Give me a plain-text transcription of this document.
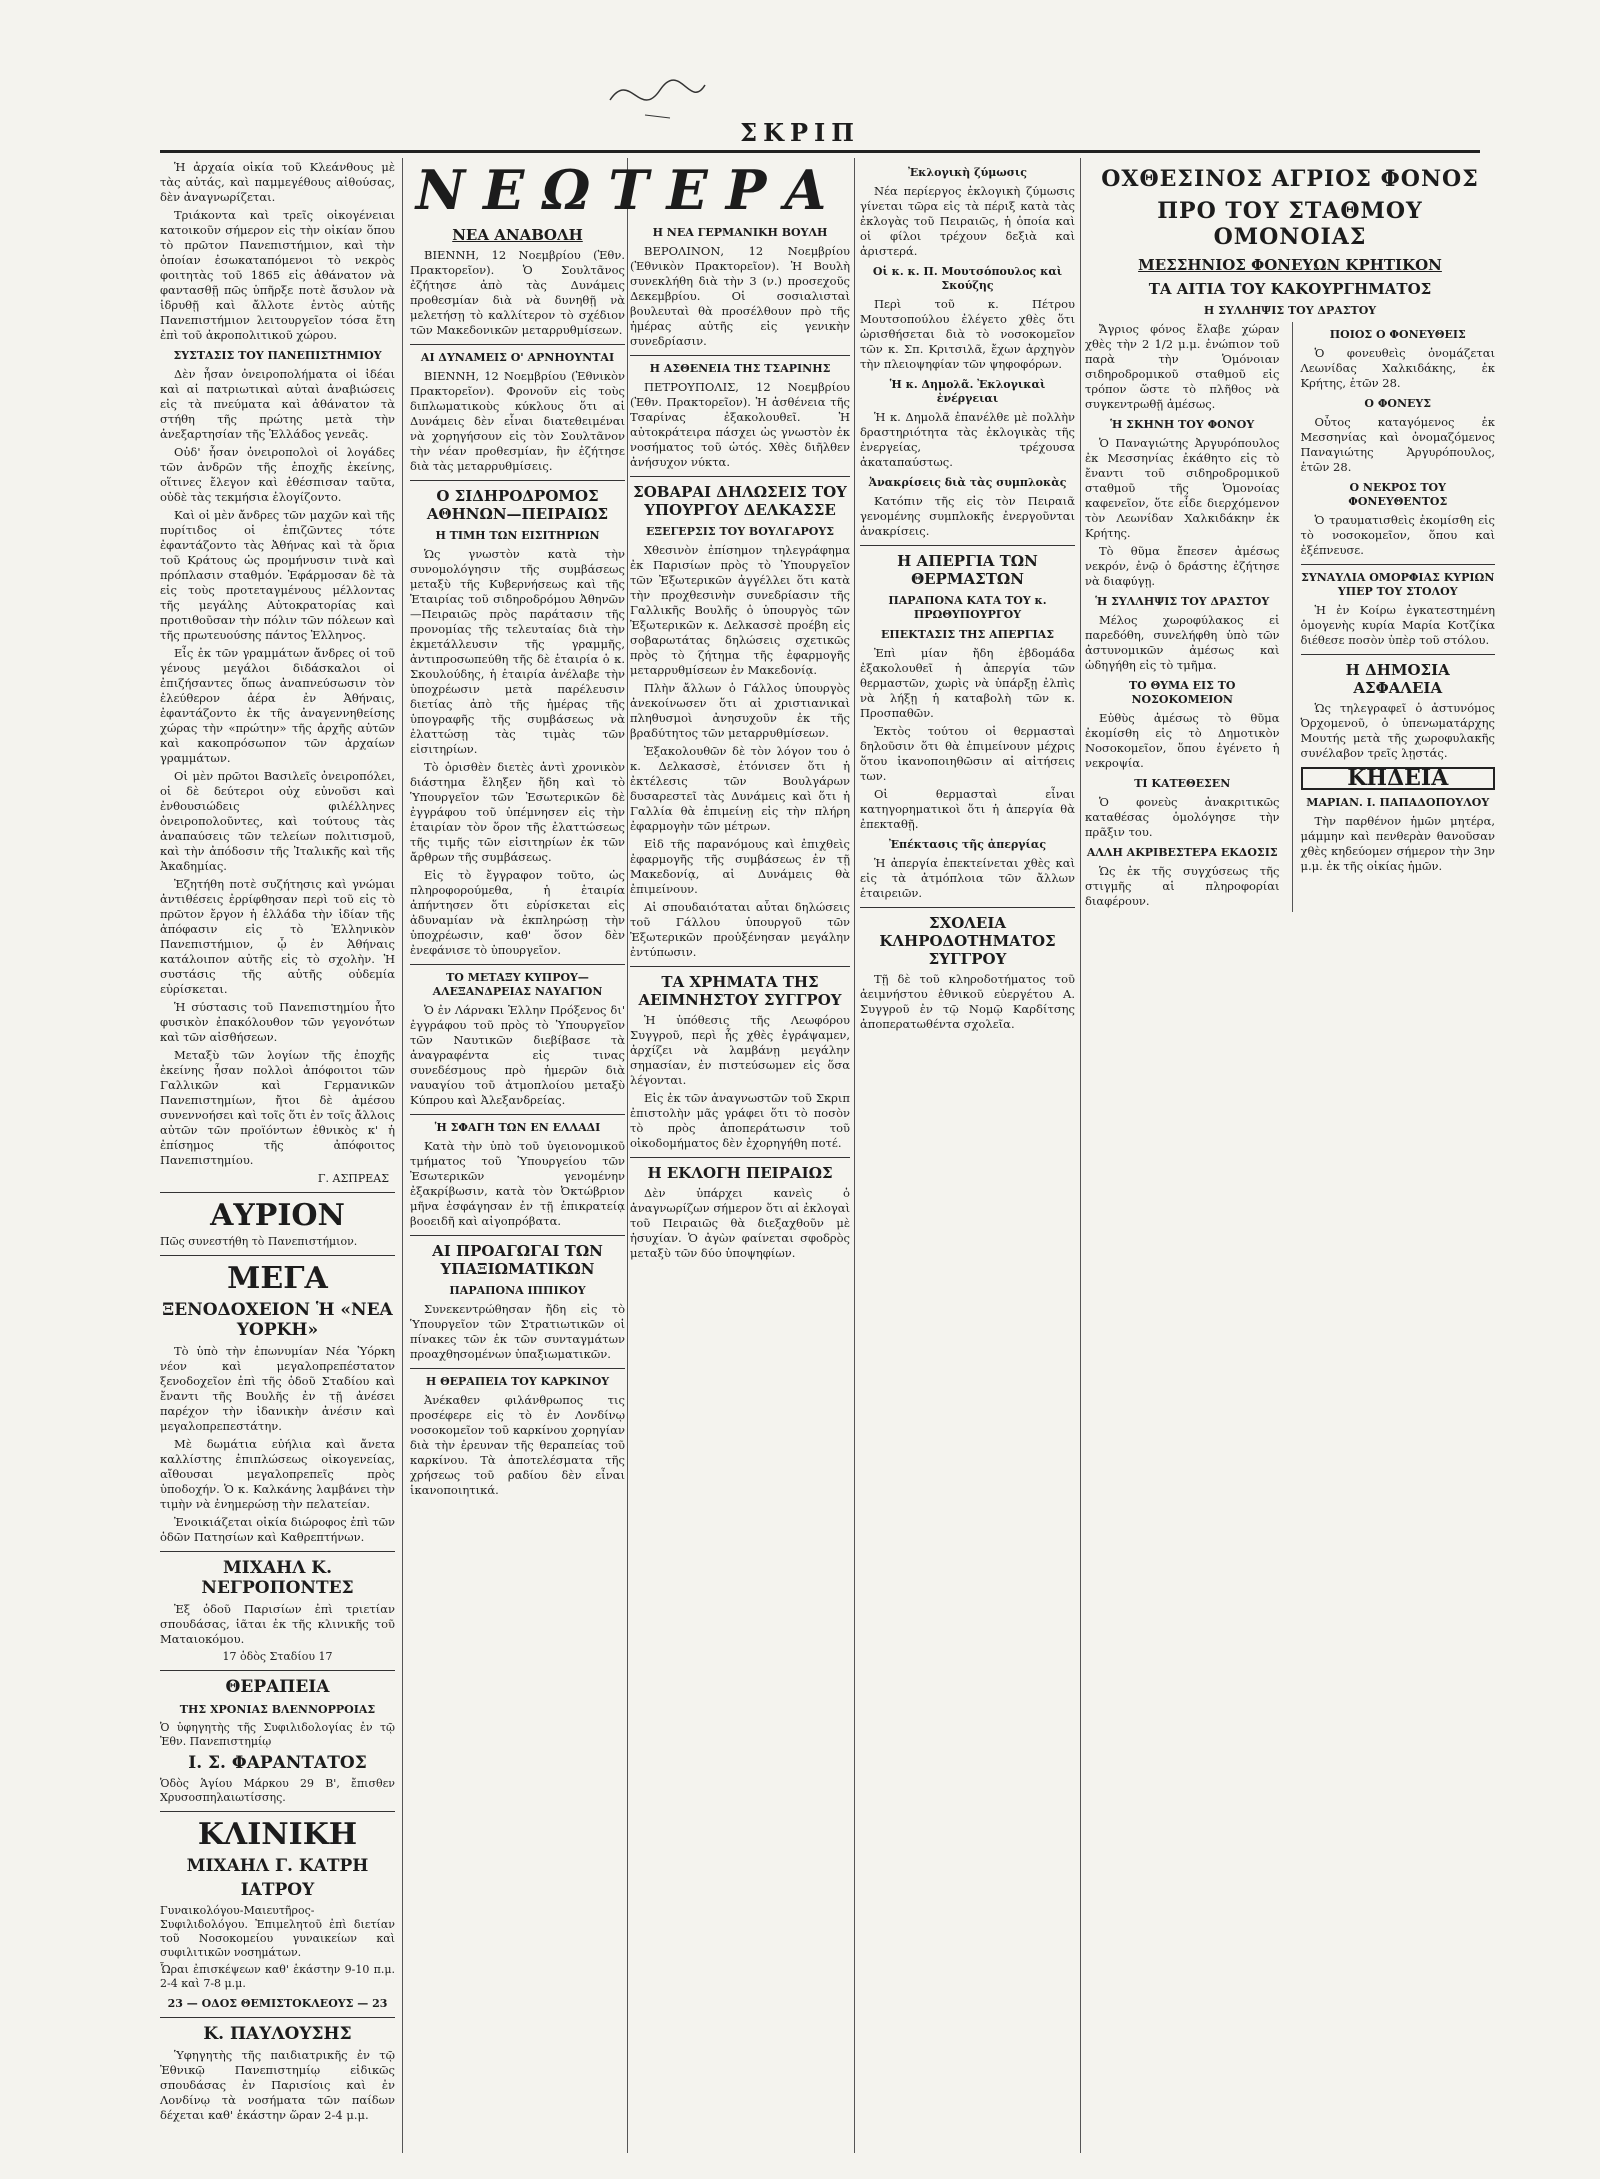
ΣΚΡΙΠ

Ἡ ἀρχαία οἰκία τοῦ Κλεάνθους μὲ τὰς αὐτάς, καὶ παμμεγέθους αἰθούσας, δὲν ἀναγνωρίζεται.

Τριάκοντα καὶ τρεῖς οἰκογένειαι κατοικοῦν σήμερον εἰς τὴν οἰκίαν ὅπου τὸ πρῶτον Πανεπιστήμιον, καὶ τὴν ὁποίαν ἐσωκαταπόμενοι τὸ νεκρὸς φοιτητὰς τοῦ 1865 εἰς ἀθάνατον νὰ φαντασθῇ πῶς ὑπῆρξε ποτὲ ἄσυλον νὰ ἱδρυθῇ καὶ ἄλλοτε ἐντὸς αὐτῆς Πανεπιστήμιον λειτουργεῖον τόσα ἔτη ἐπὶ τοῦ ἀκροπολιτικοῦ χώρου.

ΣΥΣΤΑΣΙΣ ΤΟΥ ΠΑΝΕΠΙΣΤΗΜΙΟΥ

Δὲν ἦσαν ὀνειροπολήματα οἱ ἰδέαι καὶ αἱ πατριωτικαὶ αὐταὶ ἀναβιώσεις εἰς τὰ πνεύματα καὶ ἀθάνατον τὰ στήθη τῆς πρώτης μετὰ τὴν ἀνεξαρτησίαν τῆς Ἑλλάδος γενεᾶς.

Οὐδ' ἦσαν ὀνειροπολοὶ οἱ λογάδες τῶν ἀνδρῶν τῆς ἐποχῆς ἐκείνης, οἵτινες ἔλεγον καὶ ἐθέσπισαν ταῦτα, οὐδὲ τὰς τεκμήσια ἐλογίζοντο.

Καὶ οἱ μὲν ἄνδρες τῶν μαχῶν καὶ τῆς πυρίτιδος οἱ ἐπιζῶντες τότε ἐφαντάζοντο τὰς Ἀθήνας καὶ τὰ ὅρια τοῦ Κράτους ὡς προμήνυσιν τινὰ καὶ πρόπλασιν σταθμόν. Ἐφάρμοσαν δὲ τὰ εἰς τοὺς προτεταγμένους μέλλοντας τῆς μεγάλης Αὐτοκρατορίας καὶ προτιθοῦσαν τὴν πόλιν τῶν πόλεων καὶ τῆς πρωτευούσης πάντος Ἑλληνος.

Εἷς ἐκ τῶν γραμμάτων ἄνδρες οἱ τοῦ γένους μεγάλοι διδάσκαλοι οἱ ἐπιζήσαντες ὅπως ἀναπνεύσωσιν τὸν ἐλεύθερον ἀέρα ἐν Ἀθήναις, ἐφαντάζοντο ἐκ τῆς ἀναγεννηθείσης χώρας τὴν «πρώτην» τῆς ἀρχῆς αὐτῶν καὶ κακοπρόσωπον τῶν ἀρχαίων γραμμάτων.

Οἱ μὲν πρῶτοι Βασιλεῖς ὀνειροπόλει, οἱ δὲ δεύτεροι οὐχ εὐνοῦσι καὶ ἐνθουσιώδεις φιλέλληνες ὀνειροπολοῦντες, καὶ τούτους τὰς ἀναπαύσεις τῶν τελείων πολιτισμοῦ, καὶ τὴν ἀπόδοσιν τῆς Ἰταλικῆς καὶ τῆς Ἀκαδημίας.

Ἐζητήθη ποτὲ συζήτησις καὶ γνώμαι ἀντιθέσεις ἐρρίφθησαν περὶ τοῦ εἰς τὸ πρῶτον ἔργον ἡ ἑλλάδα τὴν ἰδίαν τῆς ἀπόφασιν εἰς τὸ Ἑλληνικὸν Πανεπιστήμιον, ᾧ ἐν Ἀθήναις κατάλοιπον αὐτῆς εἰς τὸ σχολὴν. Ἡ συστάσις τῆς αὐτῆς οὐδεμία εὑρίσκεται.

Ἡ σύστασις τοῦ Πανεπιστημίου ἦτο φυσικὸν ἐπακόλουθον τῶν γεγονότων καὶ τῶν αἰσθήσεων.

Μεταξὺ τῶν λογίων τῆς ἐποχῆς ἐκείνης ἦσαν πολλοὶ ἀπόφοιτοι τῶν Γαλλικῶν καὶ Γερμανικῶν Πανεπιστημίων, ἤτοι δὲ ἀμέσου συνεννοήσει καὶ τοῖς ὅτι ἐν τοῖς ἄλλοις αὐτῶν τῶν προϊόντων ἐθνικὸς κ' ἡ ἐπίσημος τῆς ἀπόφοιτος Πανεπιστημίου.

Γ. ΑΣΠΡΕΑΣ
ΑΥΡΙΟΝ

Πῶς συνεστήθη τὸ Πανεπιστήμιον.

ΜΕΓΑ
ΞΕΝΟΔΟΧΕΙΟΝ Ἡ «ΝΕΑ ΥΟΡΚΗ»

Τὸ ὑπὸ τὴν ἐπωνυμίαν Νέα Ὑόρκη νέον καὶ μεγαλοπρεπέστατον ξενοδοχεῖον ἐπὶ τῆς ὁδοῦ Σταδίου καὶ ἔναντι τῆς Βουλῆς ἐν τῇ ἀνέσει παρέχον τὴν ἰδανικὴν ἀνέσιν καὶ μεγαλοπρεπεστάτην.

Μὲ δωμάτια εὐήλια καὶ ἄνετα καλλίστης ἐπιπλώσεως οἰκογενείας, αἴθουσαι μεγαλοπρεπεῖς πρὸς ὑποδοχήν. Ὁ κ. Καλκάνης λαμβάνει τὴν τιμὴν νὰ ἐνημερώσῃ τὴν πελατείαν.

Ἐνοικιάζεται οἰκία διώροφος ἐπὶ τῶν ὁδῶν Πατησίων καὶ Καθρεπτήνων.

ΜΙΧΑΗΛ Κ. ΝΕΓΡΟΠΟΝΤΕΣ

Ἐξ ὁδοῦ Παρισίων ἐπὶ τριετίαν σπουδάσας, ἰᾶται ἐκ τῆς κλινικῆς τοῦ Ματαιοκόμου.

17 ὁδὸς Σταδίου 17
ΘΕΡΑΠΕΙΑ
ΤΗΣ ΧΡΟΝΙΑΣ ΒΛΕΝΝΟΡΡΟΙΑΣ

Ὁ ὑφηγητὴς τῆς Συφιλιδολογίας ἐν τῷ Ἐθν. Πανεπιστημίῳ

Ι. Σ. ΦΑΡΑΝΤΑΤΟΣ

Ὁδὸς Ἁγίου Μάρκου 29 Β', ἔπισθεν Χρυσοσπηλαιωτίσσης.

ΚΛΙΝΙΚΗ
ΜΙΧΑΗΛ Γ. ΚΑΤΡΗ
ΙΑΤΡΟΥ

Γυναικολόγου-Μαιευτῆρος-Συφιλιδολόγου. Ἐπιμελητοῦ ἐπὶ διετίαν τοῦ Νοσοκομείου γυναικείων καὶ συφιλιτικῶν νοσημάτων.

Ὧραι ἐπισκέψεων καθ' ἑκάστην 9-10 π.μ. 2-4 καὶ 7-8 μ.μ.

23 — ΟΔΟΣ ΘΕΜΙΣΤΟΚΛΕΟΥΣ — 23
Κ. ΠΑΥΛΟΥΣΗΣ

Ὑφηγητὴς τῆς παιδιατρικῆς ἐν τῷ Ἐθνικῷ Πανεπιστημίῳ εἰδικῶς σπουδάσας ἐν Παρισίοις καὶ ἐν Λονδίνῳ τὰ νοσήματα τῶν παίδων δέχεται καθ' ἑκάστην ὥραν 2-4 μ.μ.

ΝΕΩΤΕΡΑ
ΝΕΑ ΑΝΑΒΟΛΗ

ΒΙΕΝΝΗ, 12 Νοεμβρίου (Ἐθν. Πρακτορεῖον). Ὁ Σουλτᾶνος ἐζήτησε ἀπὸ τὰς Δυνάμεις προθεσμίαν διὰ νὰ δυνηθῇ νὰ μελετήσῃ τὸ καλλίτερον τὸ σχέδιον τῶν Μακεδονικῶν μεταρρυθμίσεων.

ΑΙ ΔΥΝΑΜΕΙΣ Ο' ΑΡΝΗΟΥΝΤΑΙ

ΒΙΕΝΝΗ, 12 Νοεμβρίου (Ἐθνικὸν Πρακτορεῖον). Φρονοῦν εἰς τοὺς διπλωματικοὺς κύκλους ὅτι αἱ Δυνάμεις δὲν εἶναι διατεθειμέναι νὰ χορηγήσουν εἰς τὸν Σουλτᾶνον τὴν νέαν προθεσμίαν, ἣν ἐζήτησε διὰ τὰς μεταρρυθμίσεις.

Ο ΣΙΔΗΡΟΔΡΟΜΟΣ ΑΘΗΝΩΝ—ΠΕΙΡΑΙΩΣ
Η ΤΙΜΗ ΤΩΝ ΕΙΣΙΤΗΡΙΩΝ

Ὡς γνωστὸν κατὰ τὴν συνομολόγησιν τῆς συμβάσεως μεταξὺ τῆς Κυβερνήσεως καὶ τῆς Ἑταιρίας τοῦ σιδηροδρόμου Ἀθηνῶν—Πειραιῶς πρὸς παράτασιν τῆς προνομίας τῆς τελευταίας διὰ τὴν ἐκμετάλλευσιν τῆς γραμμῆς, ἀντιπροσωπεύθη τῆς δὲ ἑταιρία ὁ κ. Σκουλούδης, ἡ ἑταιρία ἀνέλαβε τὴν ὑποχρέωσιν μετὰ παρέλευσιν διετίας ἀπὸ τῆς ἡμέρας τῆς ὑπογραφῆς τῆς συμβάσεως νὰ ἐλαττώσῃ τὰς τιμὰς τῶν εἰσιτηρίων.

Τὸ ὁρισθὲν διετὲς ἀντὶ χρονικὸν διάστημα ἔληξεν ἤδη καὶ τὸ Ὑπουργεῖον τῶν Ἐσωτερικῶν δὲ ἐγγράφου τοῦ ὑπέμνησεν εἰς τὴν ἑταιρίαν τὸν ὅρον τῆς ἐλαττώσεως τῆς τιμῆς τῶν εἰσιτηρίων ἐκ τῶν ἄρθρων τῆς συμβάσεως.

Εἰς τὸ ἔγγραφον τοῦτο, ὡς πληροφορούμεθα, ἡ ἑταιρία ἀπήντησεν ὅτι εὑρίσκεται εἰς ἀδυναμίαν νὰ ἐκπληρώσῃ τὴν ὑποχρέωσιν, καθ' ὅσον δὲν ἐνεφάνισε τὸ ὑπουργεῖον.

ΤΟ ΜΕΤΑΞΥ ΚΥΠΡΟΥ—ΑΛΕΞΑΝΔΡΕΙΑΣ ΝΑΥΑΓΙΟΝ

Ὁ ἐν Λάρνακι Ἑλλην Πρόξενος δι' ἐγγράφου τοῦ πρὸς τὸ Ὑπουργεῖον τῶν Ναυτικῶν διεβίβασε τὰ ἀναγραφέντα εἰς τινας συνεδέσμους πρὸ ἡμερῶν διὰ ναυαγίου τοῦ ἀτμοπλοίου μεταξὺ Κύπρου καὶ Ἀλεξανδρείας.

Ἡ ΣΦΑΓΗ ΤΩΝ ΕΝ ΕΛΛΑΔΙ

Κατὰ τὴν ὑπὸ τοῦ ὑγειονομικοῦ τμήματος τοῦ Ὑπουργείου τῶν Ἐσωτερικῶν γενομένην ἐξακρίβωσιν, κατὰ τὸν Ὀκτώβριον μῆνα ἐσφάγησαν ἐν τῇ ἐπικρατείᾳ βοοειδῆ καὶ αἰγοπρόβατα.

ΑΙ ΠΡΟΑΓΩΓΑΙ ΤΩΝ ΥΠΑΞΙΩΜΑΤΙΚΩΝ
ΠΑΡΑΠΟΝΑ ΙΠΠΙΚΟΥ

Συνεκεντρώθησαν ἤδη εἰς τὸ Ὑπουργεῖον τῶν Στρατιωτικῶν οἱ πίνακες τῶν ἐκ τῶν συνταγμάτων προαχθησομένων ὑπαξιωματικῶν.

Η ΘΕΡΑΠΕΙΑ ΤΟΥ ΚΑΡΚΙΝΟΥ

Ἀνέκαθεν φιλάνθρωπος τις προσέφερε εἰς τὸ ἐν Λονδίνῳ νοσοκομεῖον τοῦ καρκίνου χορηγίαν διὰ τὴν ἐρευναν τῆς θεραπείας τοῦ καρκίνου. Τὰ ἀποτελέσματα τῆς χρήσεως τοῦ ραδίου δὲν εἶναι ἱκανοποιητικά.

Η ΝΕΑ ΓΕΡΜΑΝΙΚΗ ΒΟΥΛΗ

ΒΕΡΟΛΙΝΟΝ, 12 Νοεμβρίου (Ἐθνικὸν Πρακτορεῖον). Ἡ Βουλὴ συνεκλήθη διὰ τὴν 3 (ν.) προσεχοῦς Δεκεμβρίου. Οἱ σοσιαλισταὶ βουλευταὶ θὰ προσέλθουν πρὸ τῆς ἡμέρας αὐτῆς εἰς γενικὴν συνεδρίασιν.

Η ΑΣΘΕΝΕΙΑ ΤΗΣ ΤΣΑΡΙΝΗΣ

ΠΕΤΡΟΥΠΟΛΙΣ, 12 Νοεμβρίου (Ἐθν. Πρακτορεῖον). Ἡ ἀσθένεια τῆς Τσαρίνας ἐξακολουθεῖ. Ἡ αὐτοκράτειρα πάσχει ὡς γνωστὸν ἐκ νοσήματος τοῦ ὠτός. Χθὲς διῆλθεν ἀνήσυχον νύκτα.

ΣΟΒΑΡΑΙ ΔΗΛΩΣΕΙΣ ΤΟΥ ΥΠΟΥΡΓΟΥ ΔΕΛΚΑΣΣΕ
ΕΞΕΓΕΡΣΙΣ ΤΟΥ ΒΟΥΛΓΑΡΟΥΣ

Χθεσινὸν ἐπίσημον τηλεγράφημα ἐκ Παρισίων πρὸς τὸ Ὑπουργεῖον τῶν Ἐξωτερικῶν ἀγγέλλει ὅτι κατὰ τὴν προχθεσινὴν συνεδρίασιν τῆς Γαλλικῆς Βουλῆς ὁ ὑπουργὸς τῶν Ἐξωτερικῶν κ. Δελκασσὲ προέβη εἰς σοβαρωτάτας δηλώσεις σχετικῶς πρὸς τὸ ζήτημα τῆς ἐφαρμογῆς μεταρρυθμίσεων ἐν Μακεδονίᾳ.

Πλὴν ἄλλων ὁ Γάλλος ὑπουργὸς ἀνεκοίνωσεν ὅτι αἱ χριστιανικαὶ πληθυσμοὶ ἀνησυχοῦν ἐκ τῆς βραδύτητος τῶν μεταρρυθμίσεων.

Ἐξακολουθῶν δὲ τὸν λόγον του ὁ κ. Δελκασσὲ, ἐτόνισεν ὅτι ἡ ἐκτέλεσις τῶν Βουλγάρων δυσαρεστεῖ τὰς Δυνάμεις καὶ ὅτι ἡ Γαλλία θὰ ἐπιμείνῃ εἰς τὴν πλήρη ἐφαρμογὴν τῶν μέτρων.

Εἰδ τῆς παρανόμους καὶ ἐπιχθεὶς ἐφαρμογῆς τῆς συμβάσεως ἐν τῇ Μακεδονίᾳ, αἱ Δυνάμεις θὰ ἐπιμείνουν.

Αἱ σπουδαιόταται αὗται δηλώσεις τοῦ Γάλλου ὑπουργοῦ τῶν Ἐξωτερικῶν προὐξένησαν μεγάλην ἐντύπωσιν.

ΤΑ ΧΡΗΜΑΤΑ ΤΗΣ ΑΕΙΜΝΗΣΤΟΥ ΣΥΓΓΡΟΥ

Ἡ ὑπόθεσις τῆς Λεωφόρου Συγγροῦ, περὶ ἧς χθὲς ἐγράψαμεν, ἀρχίζει νὰ λαμβάνῃ μεγάλην σημασίαν, ἐν πιστεύσωμεν εἰς ὅσα λέγονται.

Εἰς ἐκ τῶν ἀναγνωστῶν τοῦ Σκριπ ἐπιστολὴν μᾶς γράφει ὅτι τὸ ποσὸν τὸ πρὸς ἀποπεράτωσιν τοῦ οἰκοδομήματος δὲν ἐχορηγήθη ποτέ.

Η ΕΚΛΟΓΗ ΠΕΙΡΑΙΩΣ

Δὲν ὑπάρχει κανεὶς ὁ ἀναγνωρίζων σήμερον ὅτι αἱ ἐκλογαὶ τοῦ Πειραιῶς θὰ διεξαχθοῦν μὲ ἡσυχίαν. Ὁ ἀγὼν φαίνεται σφοδρὸς μεταξὺ τῶν δύο ὑποψηφίων.

Ἐκλογικὴ ζύμωσις

Νέα περίεργος ἐκλογικὴ ζύμωσις γίνεται τῶρα εἰς τὰ πέριξ κατὰ τὰς ἐκλογὰς τοῦ Πειραιῶς, ἡ ὁποία καὶ οἱ φίλοι τρέχουν δεξιὰ καὶ ἀριστερά.

Οἱ κ. κ. Π. Μουτσόπουλος καὶ Σκούζης

Περὶ τοῦ κ. Πέτρου Μουτσοπούλου ἐλέγετο χθὲς ὅτι ὡρισθήσεται διὰ τὸ νοσοκομεῖον τῶν κ. Σπ. Κριτσιλᾶ, ἔχων ἀρχηγὸν τὴν πλειοψηφίαν τῶν ψηφοφόρων.

Ἡ κ. Δημολᾶ. Ἐκλογικαὶ ἐνέργειαι

Ἡ κ. Δημολᾶ ἐπανέλθε μὲ πολλὴν δραστηριότητα τὰς ἐκλογικὰς τῆς ἐνεργείας, τρέχουσα ἀκαταπαύστως.

Ἀνακρίσεις διὰ τὰς συμπλοκὰς

Κατόπιν τῆς εἰς τὸν Πειραιᾶ γενομένης συμπλοκῆς ἐνεργοῦνται ἀνακρίσεις.

Η ΑΠΕΡΓΙΑ ΤΩΝ ΘΕΡΜΑΣΤΩΝ
ΠΑΡΑΠΟΝΑ ΚΑΤΑ ΤΟΥ κ. ΠΡΩΘΥΠΟΥΡΓΟΥ
ΕΠΕΚΤΑΣΙΣ ΤΗΣ ΑΠΕΡΓΙΑΣ

Ἐπὶ μίαν ἤδη ἑβδομάδα ἐξακολουθεῖ ἡ ἀπεργία τῶν θερμαστῶν, χωρὶς νὰ ὑπάρξῃ ἐλπὶς νὰ λήξῃ ἡ καταβολὴ τῶν κ. Προσπαθῶν.

Ἐκτὸς τούτου οἱ θερμασταὶ δηλοῦσιν ὅτι θὰ ἐπιμείνουν μέχρις ὅτου ἱκανοποιηθῶσιν αἱ αἰτήσεις των.

Οἱ θερμασταὶ εἶναι κατηγορηματικοὶ ὅτι ἡ ἀπεργία θὰ ἐπεκταθῇ.

Ἐπέκτασις τῆς ἀπεργίας

Ἡ ἀπεργία ἐπεκτείνεται χθὲς καὶ εἰς τὰ ἀτμόπλοια τῶν ἄλλων ἑταιρειῶν.

ΣΧΟΛΕΙΑ ΚΛΗΡΟΔΟΤΗΜΑΤΟΣ ΣΥΓΓΡΟΥ

Τῇ δὲ τοῦ κληροδοτήματος τοῦ ἀειμνήστου ἐθνικοῦ εὐεργέτου Α. Συγγροῦ ἐν τῷ Νομῷ Καρδίτσης ἀποπερατωθέντα σχολεῖα.

ΟΧΘΕΣΙΝΟΣ ΑΓΡΙΟΣ ΦΟΝΟΣ
ΠΡΟ ΤΟΥ ΣΤΑΘΜΟΥ ΟΜΟΝΟΙΑΣ
ΜΕΣΣΗΝΙΟΣ ΦΟΝΕΥΩΝ ΚΡΗΤΙΚΟΝ
ΤΑ ΑΙΤΙΑ ΤΟΥ ΚΑΚΟΥΡΓΗΜΑΤΟΣ
Η ΣΥΛΛΗΨΙΣ ΤΟΥ ΔΡΑΣΤΟΥ

Ἄγριος φόνος ἔλαβε χώραν χθὲς τὴν 2 1/2 μ.μ. ἐνώπιον τοῦ παρὰ τὴν Ὁμόνοιαν σιδηροδρομικοῦ σταθμοῦ εἰς τρόπον ὥστε τὸ πλῆθος νὰ συγκεντρωθῇ ἀμέσως.

Ἡ ΣΚΗΝΗ ΤΟΥ ΦΟΝΟΥ

Ὁ Παναγιώτης Ἀργυρόπουλος ἐκ Μεσσηνίας ἐκάθητο εἰς τὸ ἔναντι τοῦ σιδηροδρομικοῦ σταθμοῦ τῆς Ὁμονοίας καφενεῖον, ὅτε εἶδε διερχόμενον τὸν Λεωνίδαν Χαλκιδάκην ἐκ Κρήτης.

Τὸ θῦμα ἔπεσεν ἀμέσως νεκρόν, ἐνῷ ὁ δράστης ἐζήτησε νὰ διαφύγῃ.

Ἡ ΣΥΛΛΗΨΙΣ ΤΟΥ ΔΡΑΣΤΟΥ

Μέλος χωροφύλακος εἰ παρεδόθη, συνελήφθη ὑπὸ τῶν ἀστυνομικῶν ἀμέσως καὶ ὡδηγήθη εἰς τὸ τμῆμα.

ΤΟ ΘΥΜΑ ΕΙΣ ΤΟ ΝΟΣΟΚΟΜΕΙΟΝ

Εὐθὺς ἀμέσως τὸ θῦμα ἐκομίσθη εἰς τὸ Δημοτικὸν Νοσοκομεῖον, ὅπου ἐγένετο ἡ νεκροψία.

ΤΙ ΚΑΤΕΘΕΣΕΝ

Ὁ φονεὺς ἀνακριτικῶς καταθέσας ὁμολόγησε τὴν πρᾶξιν του.

ΑΛΛΗ ΑΚΡΙΒΕΣΤΕΡΑ ΕΚΔΟΣΙΣ

Ὡς ἐκ τῆς συγχύσεως τῆς στιγμῆς αἱ πληροφορίαι διαφέρουν.

ΠΟΙΟΣ Ο ΦΟΝΕΥΘΕΙΣ

Ὁ φονευθεὶς ὀνομάζεται Λεωνίδας Χαλκιδάκης, ἐκ Κρήτης, ἐτῶν 28.

Ο ΦΟΝΕΥΣ

Οὗτος καταγόμενος ἐκ Μεσσηνίας καὶ ὀνομαζόμενος Παναγιώτης Ἀργυρόπουλος, ἐτῶν 28.

Ο ΝΕΚΡΟΣ ΤΟΥ ΦΟΝΕΥΘΕΝΤΟΣ

Ὁ τραυματισθεὶς ἐκομίσθη εἰς τὸ νοσοκομεῖον, ὅπου καὶ ἐξέπνευσε.

ΣΥΝΑΥΛΙΑ ΟΜΟΡΦΙΑΣ ΚΥΡΙΩΝ ΥΠΕΡ ΤΟΥ ΣΤΟΛΟΥ

Ἡ ἐν Κοίρω ἐγκατεστημένη ὁμογενὴς κυρία Μαρία Κοτζίκα διέθεσε ποσὸν ὑπὲρ τοῦ στόλου.

Η ΔΗΜΟΣΙΑ ΑΣΦΑΛΕΙΑ

Ὡς τηλεγραφεῖ ὁ ἀστυνόμος Ὀρχομενοῦ, ὁ ὑπενωματάρχης Μουτής μετὰ τῆς χωροφυλακῆς συνέλαβον τρεῖς λῃστάς.

ΚΗΔΕΙΑ
ΜΑΡΙΑΝ. Ι. ΠΑΠΑΔΟΠΟΥΛΟΥ

Τὴν παρθένον ἡμῶν μητέρα, μάμμην καὶ πενθερὰν θανοῦσαν χθὲς κηδεύομεν σήμερον τὴν 3ην μ.μ. ἐκ τῆς οἰκίας ἡμῶν.
